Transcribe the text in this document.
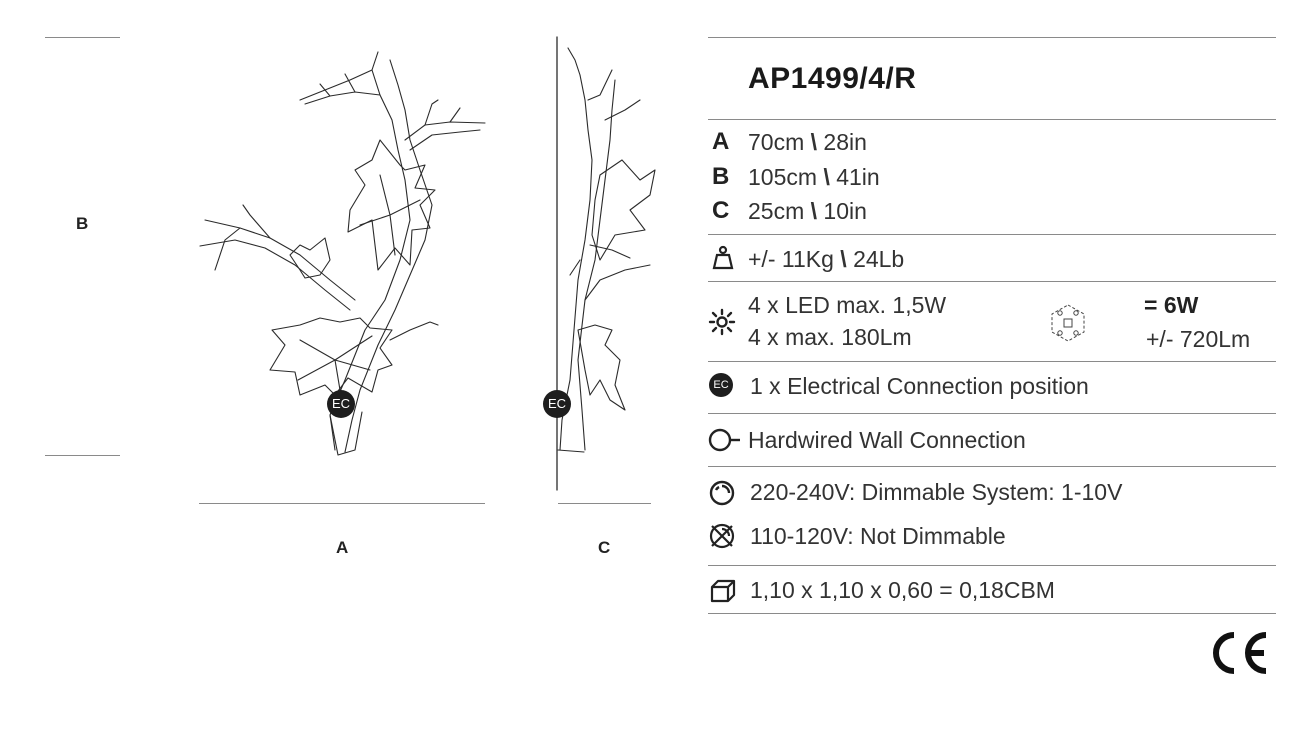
B
A	C
EC	EC
AP1499/4/R
A 70cm \ 28in
B 105cm \ 41in
C 25cm \ 10in
+/- 11Kg \ 24Lb
4 x LED max. 1,5W
4 x max. 180Lm
= 6W
+/- 720Lm
EC 1 x Electrical Connection position
Hardwired Wall Connection
220-240V: Dimmable System: 1-10V
110-120V: Not Dimmable
1,10 x 1,10 x 0,60 = 0,18CBM
